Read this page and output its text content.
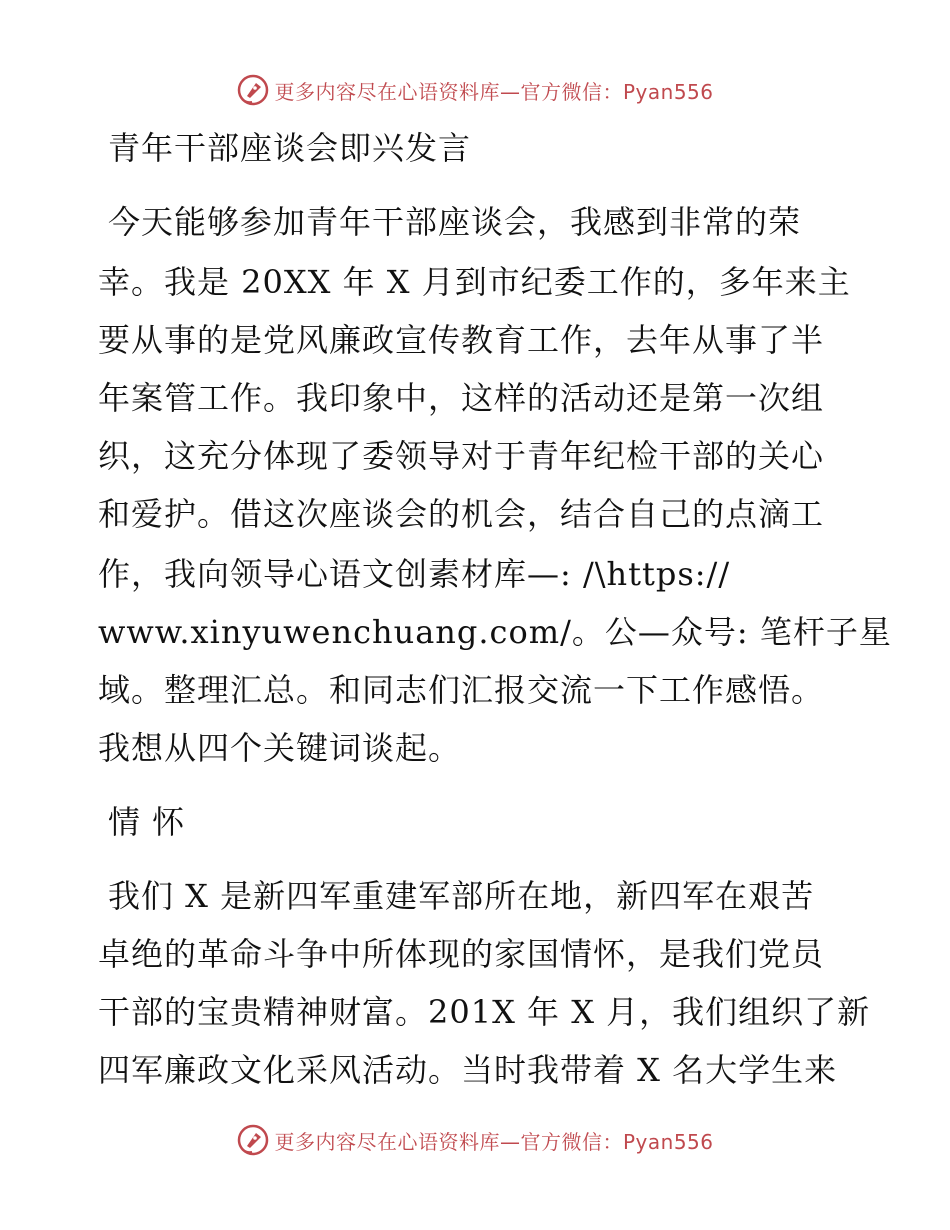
更多内容尽在心语资料库—官方微信：Pyan556
青年干部座谈会即兴发言
今天能够参加青年干部座谈会，我感到非常的荣
幸。我是 20XX 年 X 月到市纪委工作的，多年来主
要从事的是党风廉政宣传教育工作，去年从事了半
年案管工作。我印象中，这样的活动还是第一次组
织，这充分体现了委领导对于青年纪检干部的关心
和爱护。借这次座谈会的机会，结合自己的点滴工
作，我向领导心语文创素材库—: /\https://
www.xinyuwenchuang.com/。公—众号: 笔杆子星
域。整理汇总。和同志们汇报交流一下工作感悟。
我想从四个关键词谈起。
情 怀
我们 X 是新四军重建军部所在地，新四军在艰苦
卓绝的革命斗争中所体现的家国情怀，是我们党员
干部的宝贵精神财富。201X 年 X 月，我们组织了新
四军廉政文化采风活动。当时我带着 X 名大学生来
更多内容尽在心语资料库—官方微信：Pyan556
